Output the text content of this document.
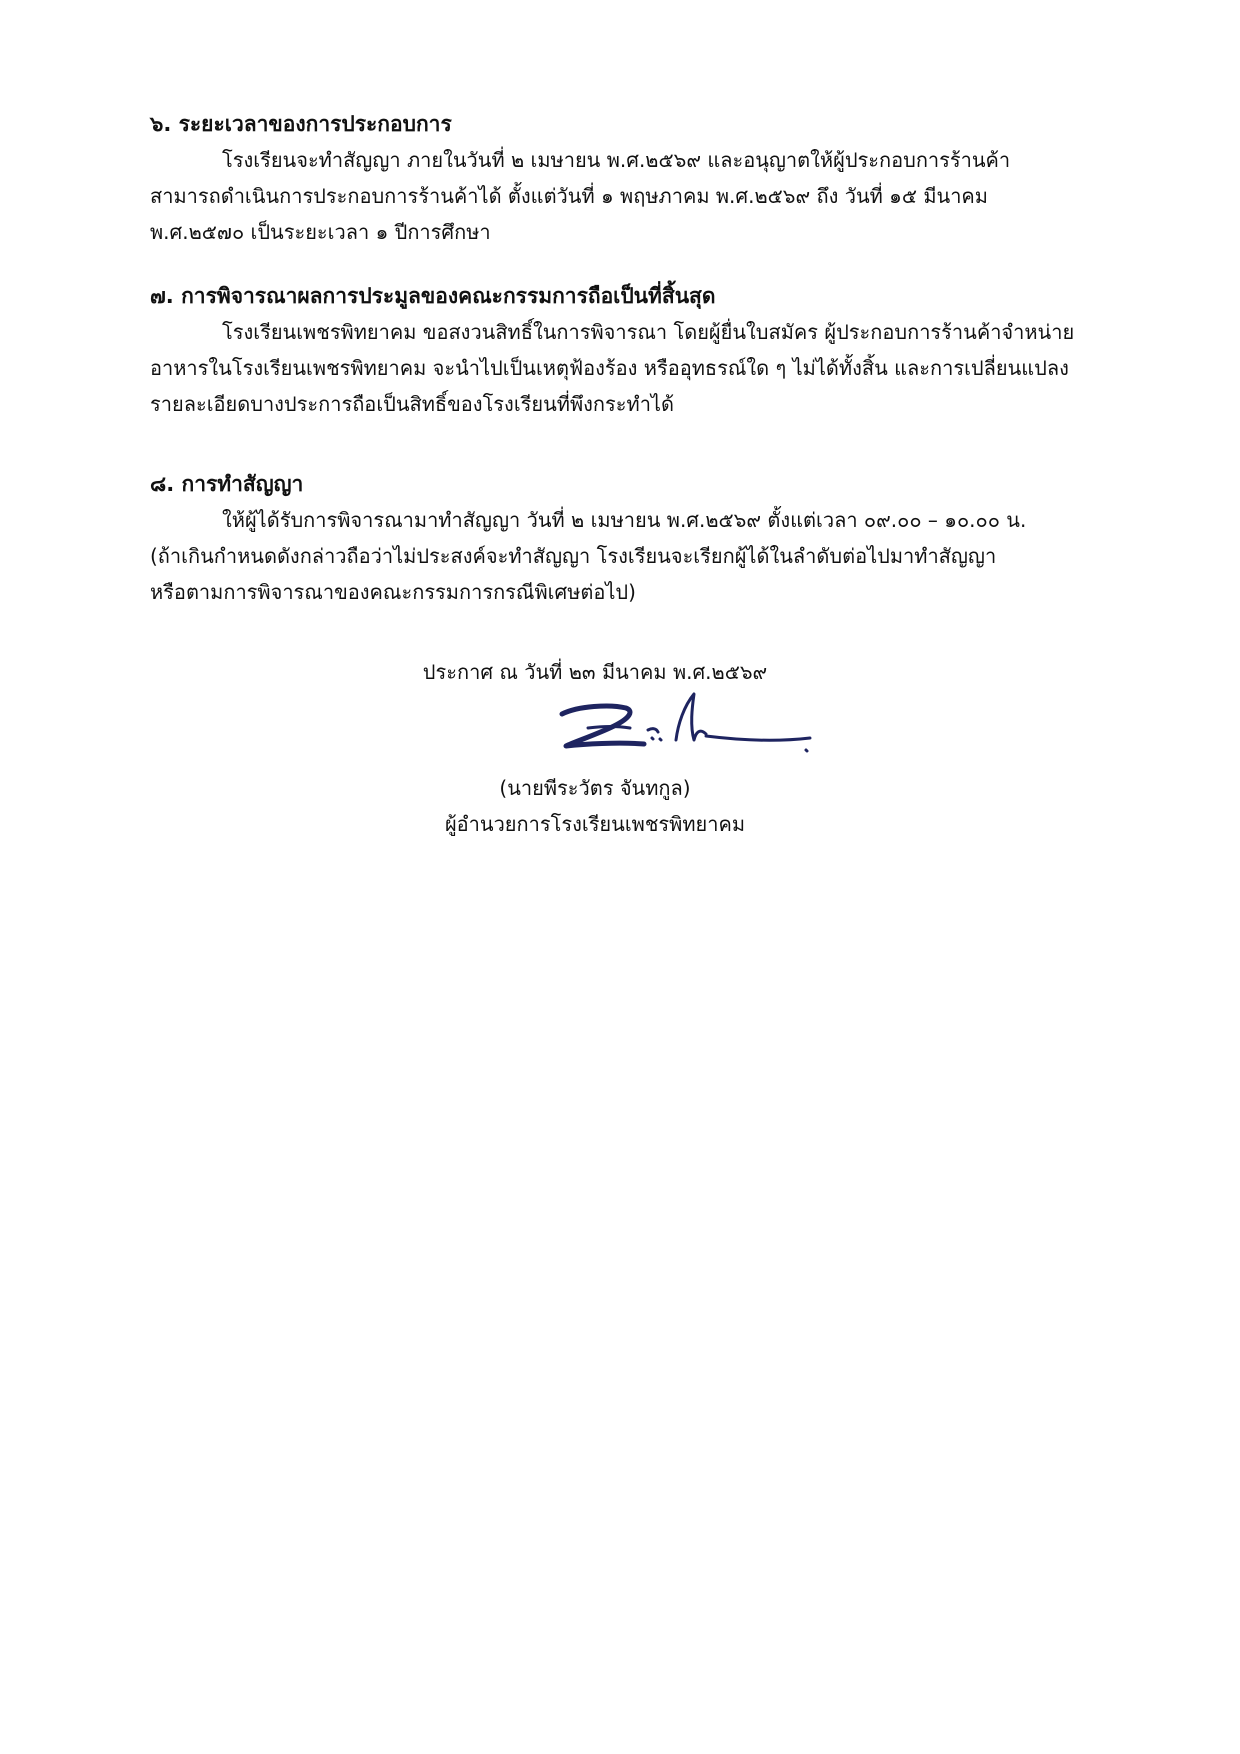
๖. ระยะเวลาของการประกอบการ

โรงเรียนจะทำสัญญา ภายในวันที่ ๒ เมษายน พ.ศ.๒๕๖๙ และอนุญาตให้ผู้ประกอบการร้านค้า

สามารถดำเนินการประกอบการร้านค้าได้ ตั้งแต่วันที่ ๑ พฤษภาคม พ.ศ.๒๕๖๙ ถึง วันที่ ๑๕ มีนาคม

พ.ศ.๒๕๗๐ เป็นระยะเวลา ๑ ปีการศึกษา

๗. การพิจารณาผลการประมูลของคณะกรรมการถือเป็นที่สิ้นสุด

โรงเรียนเพชรพิทยาคม ขอสงวนสิทธิ์ในการพิจารณา โดยผู้ยื่นใบสมัคร ผู้ประกอบการร้านค้าจำหน่าย

อาหารในโรงเรียนเพชรพิทยาคม จะนำไปเป็นเหตุฟ้องร้อง หรืออุทธรณ์ใด ๆ ไม่ได้ทั้งสิ้น และการเปลี่ยนแปลง

รายละเอียดบางประการถือเป็นสิทธิ์ของโรงเรียนที่พึงกระทำได้

๘. การทำสัญญา

ให้ผู้ได้รับการพิจารณามาทำสัญญา วันที่ ๒ เมษายน พ.ศ.๒๕๖๙ ตั้งแต่เวลา ๐๙.๐๐ – ๑๐.๐๐ น.

(ถ้าเกินกำหนดดังกล่าวถือว่าไม่ประสงค์จะทำสัญญา โรงเรียนจะเรียกผู้ได้ในลำดับต่อไปมาทำสัญญา

หรือตามการพิจารณาของคณะกรรมการกรณีพิเศษต่อไป)

ประกาศ ณ วันที่ ๒๓ มีนาคม พ.ศ.๒๕๖๙

(นายพีระวัตร จันทกูล)

ผู้อำนวยการโรงเรียนเพชรพิทยาคม
